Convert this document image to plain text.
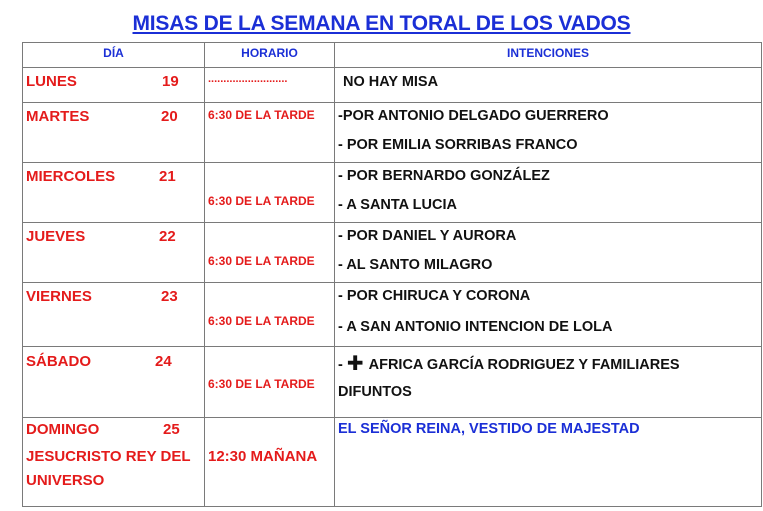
MISAS DE LA SEMANA EN TORAL DE LOS VADOS
DÍA	HORARIO	INTENCIONES

LUNES 19	..........................	NO HAY MISA

MARTES 20	6:30 DE LA TARDE	-POR ANTONIO DELGADO GUERRERO
- POR EMILIA SORRIBAS FRANCO

MIERCOLES 21	6:30 DE LA TARDE	- POR BERNARDO GONZÁLEZ
- A SANTA LUCIA

JUEVES 22	6:30 DE LA TARDE	- POR DANIEL Y AURORA
- AL SANTO MILAGRO

VIERNES 23	6:30 DE LA TARDE	- POR CHIRUCA Y CORONA
- A SAN ANTONIO INTENCION DE LOLA

SÁBADO 24	6:30 DE LA TARDE	- ✚ AFRICA GARCÍA RODRIGUEZ Y FAMILIARES
DIFUNTOS

DOMINGO 25
JESUCRISTO REY DEL
UNIVERSO	12:30 MAÑANA	EL SEÑOR REINA, VESTIDO DE MAJESTAD
